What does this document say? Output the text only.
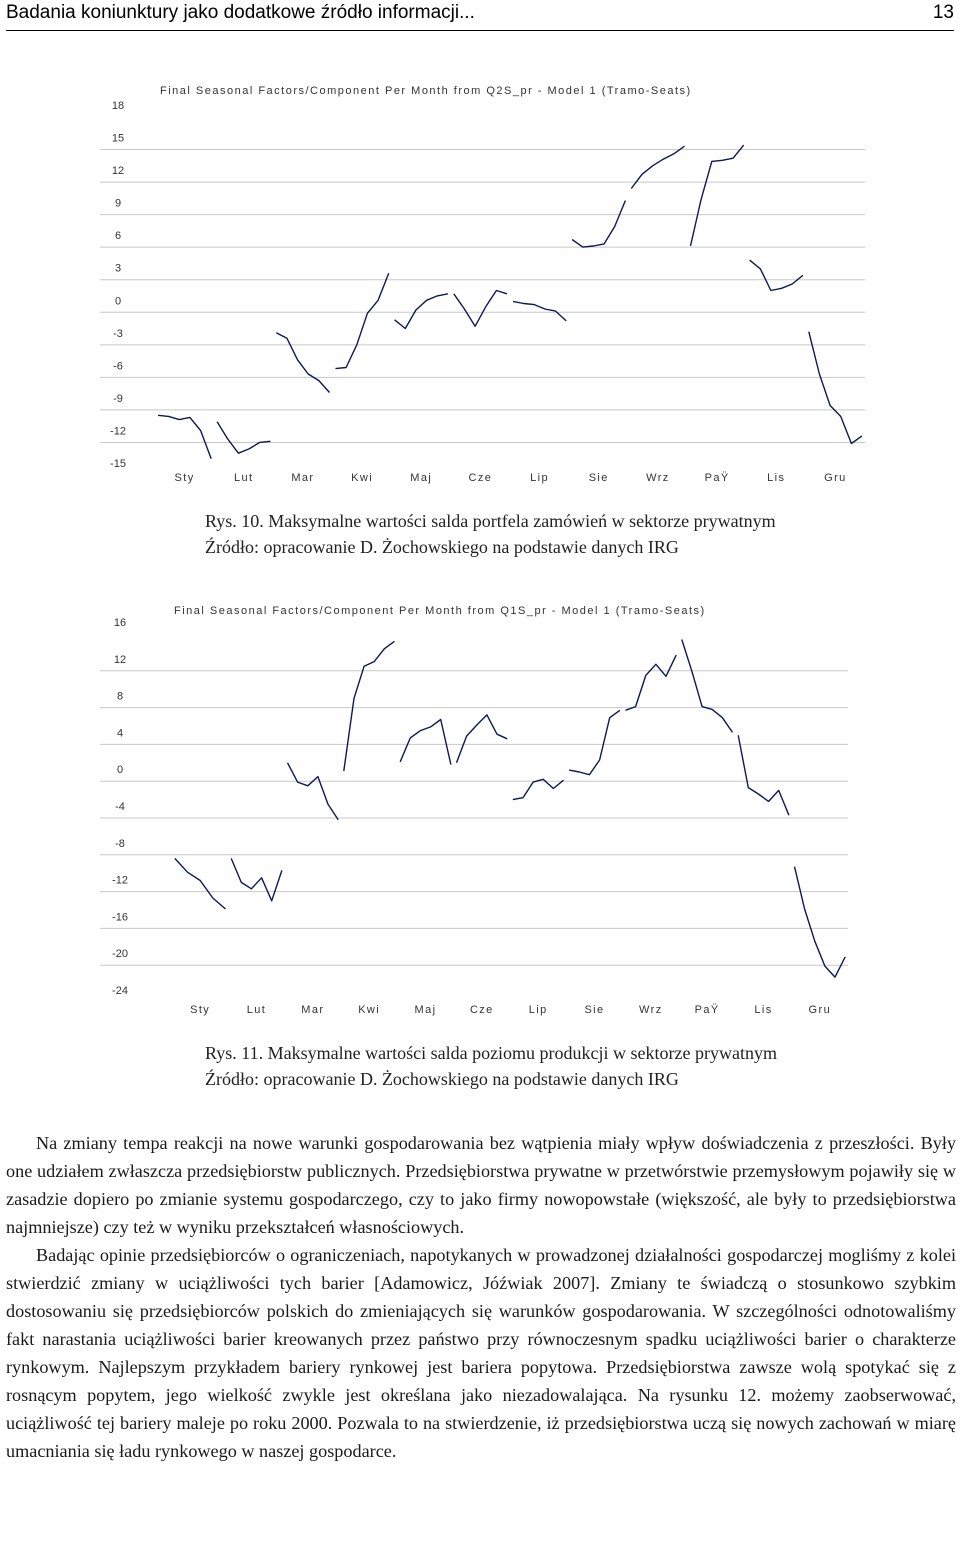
Badania koniunktury jako dodatkowe źródło informacji...	13
18
15
12
9
6
3
0
-3
-6
-9
-12
-15
Final Seasonal Factors/Component Per Month from Q2S_pr - Model 1 (Tramo-Seats)
Sty	Lut	Mar	Kwi	Maj	Cze	Lip	Sie	Wrz	PaŸ	Lis	Gru
Rys. 10. Maksymalne wartości salda portfela zamówień w sektorze prywatnym
Źródło: opracowanie D. Żochowskiego na podstawie danych IRG
16
12
8
4
0
-4
-8
-12
-16
-20
-24
Final Seasonal Factors/Component Per Month from Q1S_pr - Model 1 (Tramo-Seats)
Sty	Lut	Mar	Kwi	Maj	Cze	Lip	Sie	Wrz	PaŸ	Lis	Gru
Rys. 11. Maksymalne wartości salda poziomu produkcji w sektorze prywatnym
Źródło: opracowanie D. Żochowskiego na podstawie danych IRG

Na zmiany tempa reakcji na nowe warunki gospodarowania bez wątpienia miały wpływ doświadczenia z przeszłości. Były one udziałem zwłaszcza przedsiębiorstw publicznych. Przedsiębiorstwa prywatne w przetwórstwie przemysłowym pojawiły się w zasadzie dopiero po zmianie systemu gospodarczego, czy to jako firmy nowopowstałe (większość, ale były to przedsiębiorstwa najmniejsze) czy też w wyniku przekształceń własnościowych.

Badając opinie przedsiębiorców o ograniczeniach, napotykanych w prowadzonej działalności gospodarczej mogliśmy z kolei stwierdzić zmiany w uciążliwości tych barier [Adamowicz, Jóźwiak 2007]. Zmiany te świadczą o stosunkowo szybkim dostosowaniu się przedsiębiorców polskich do zmieniających się warunków gospodarowania. W szczególności odnotowaliśmy fakt narastania uciążliwości barier kreowanych przez państwo przy równoczesnym spadku uciążliwości barier o charakterze rynkowym. Najlepszym przykładem bariery rynkowej jest bariera popytowa. Przedsiębiorstwa zawsze wolą spotykać się z rosnącym popytem, jego wielkość zwykle jest określana jako niezadowalająca. Na rysunku 12. możemy zaobserwować, uciążliwość tej bariery maleje po roku 2000. Pozwala to na stwierdzenie, iż przedsiębiorstwa uczą się nowych zachowań w miarę umacniania się ładu rynkowego w naszej gospodarce.
